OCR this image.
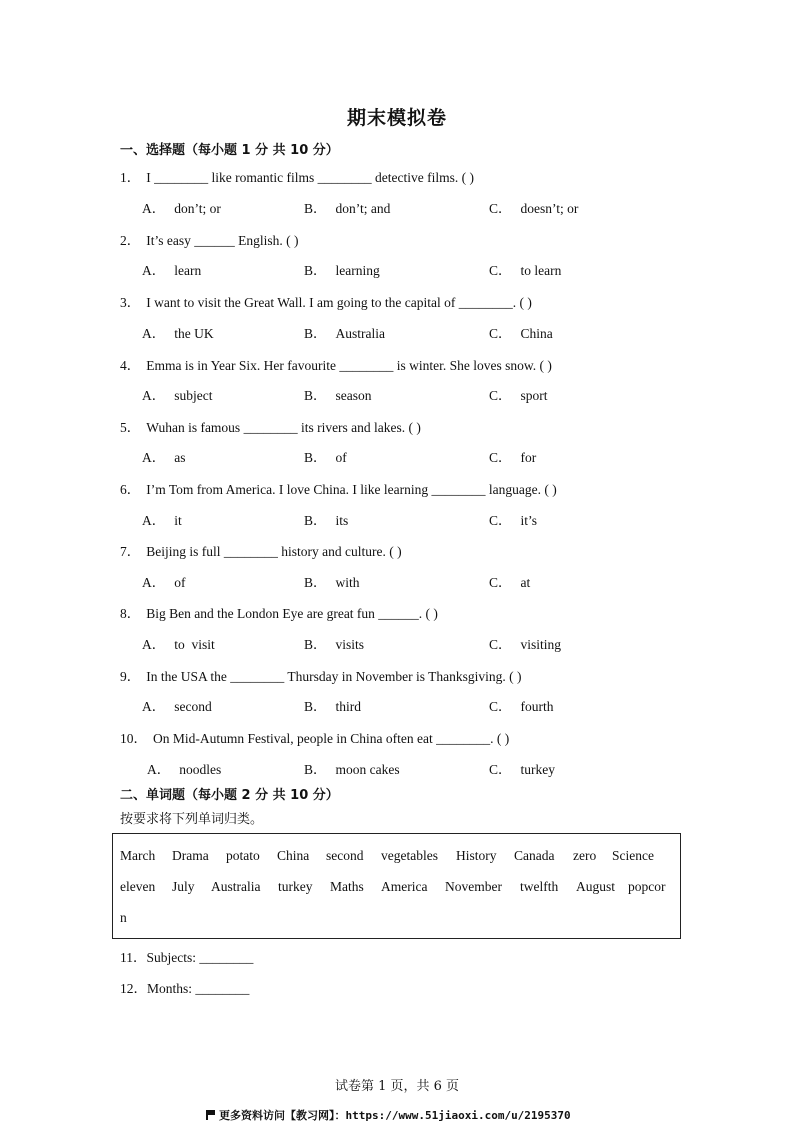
期末模拟卷
一、选择题（每小题 1 分 共 10 分）
1． I ________ like romantic films ________ detective films. ( )
A． don’t; or	B． don’t; and	C． doesn’t; or
2． It’s easy ______ English. ( )
A． learn	B． learning	C． to learn
3． I want to visit the Great Wall. I am going to the capital of ________. ( )
A． the UK	B． Australia	C． China
4． Emma is in Year Six. Her favourite ________ is winter. She loves snow. ( )
A． subject	B． season	C． sport
5． Wuhan is famous ________ its rivers and lakes. ( )
A． as	B． of	C． for
6． I’m Tom from America. I love China. I like learning ________ language. ( )
A． it	B． its	C． it’s
7． Beijing is full ________ history and culture. ( )
A． of	B． with	C． at
8． Big Ben and the London Eye are great fun ______. ( )
A． to  visit	B． visits	C． visiting
9． In the USA the ________ Thursday in November is Thanksgiving. ( )
A． second	B． third	C． fourth
10． On Mid-Autumn Festival, people in China often eat ________. ( )
A． noodles	B． moon cakes	C． turkey
二、单词题（每小题 2 分 共 10 分）
按要求将下列单词归类。
March Drama potato China second vegetables History Canada zero Science
eleven July Australia turkey Maths America November twelfth August popcor
n
11．Subjects: ________
12．Months: ________
试卷第 1 页，共 6 页
更多资料访问【教习网】：https://www.51jiaoxi.com/u/2195370
